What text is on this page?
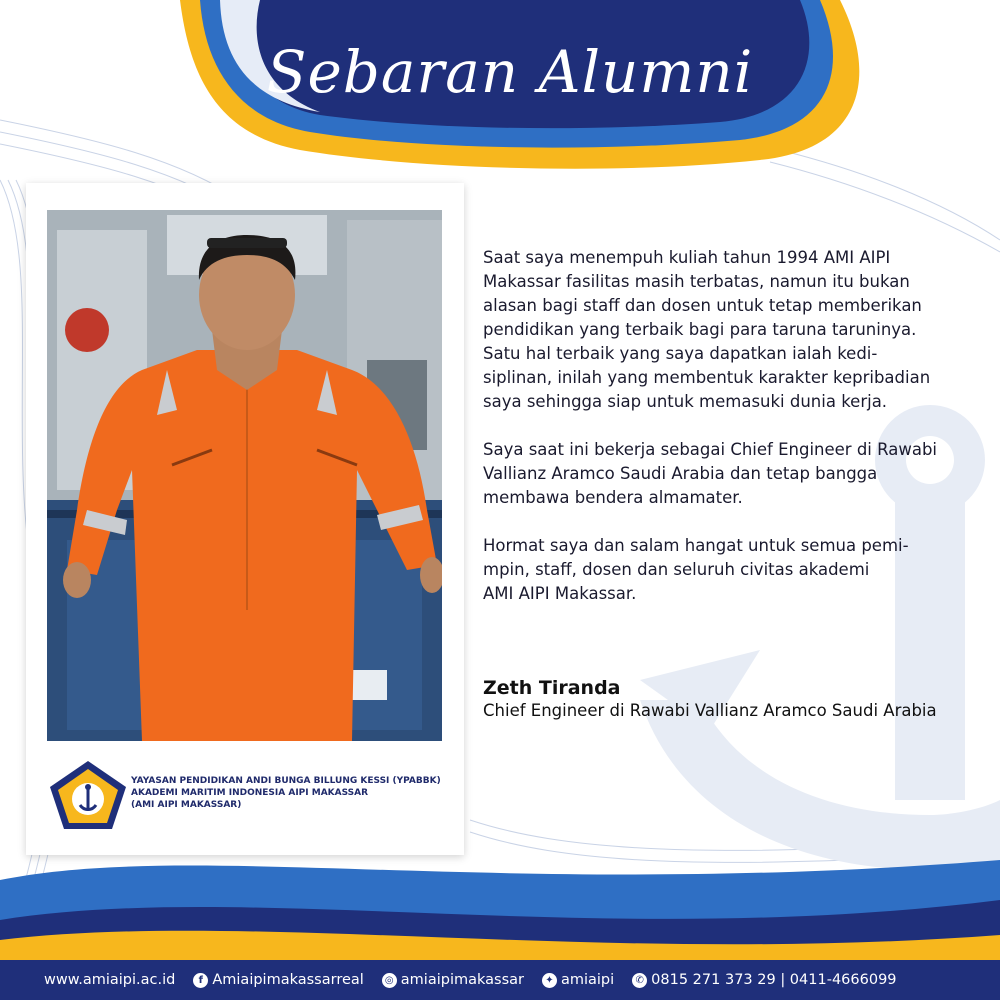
Sebaran Alumni
YAYASAN PENDIDIKAN ANDI BUNGA BILLUNG KESSI (YPABBK)
AKADEMI MARITIM INDONESIA AIPI MAKASSAR
(AMI AIPI MAKASSAR)

Saat saya menempuh kuliah tahun 1994 AMI AIPI
Makassar fasilitas masih terbatas, namun itu bukan
alasan bagi staff dan dosen untuk tetap memberikan
pendidikan yang terbaik bagi para taruna taruninya.
Satu hal terbaik yang saya dapatkan ialah kedi-
siplinan, inilah yang membentuk karakter kepribadian
saya sehingga siap untuk memasuki dunia kerja.

Saya saat ini bekerja sebagai Chief Engineer di Rawabi
Vallianz Aramco Saudi Arabia dan tetap bangga
membawa bendera almamater.

Hormat saya dan salam hangat untuk semua pemi-
mpin, staff, dosen dan seluruh civitas akademi
AMI AIPI Makassar.

Zeth Tiranda
Chief Engineer di Rawabi Vallianz Aramco Saudi Arabia
www.amiaipi.ac.id	f Amiaipimakassarreal	◎ amiaipimakassar	✦ amiaipi	✆ 0815 271 373 29 | 0411-4666099
